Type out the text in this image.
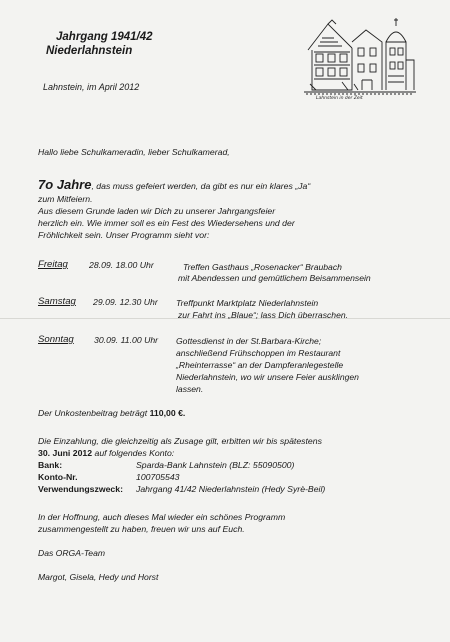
Jahrgang 1941/42
Niederlahnstein
Lahnstein, im April 2012
Lahnstein in der Zeit
Hallo liebe Schulkameradin, lieber Schulkamerad,
7o Jahre, das muss gefeiert werden, da gibt es nur ein klares „Ja“
zum Mitfeiern.
Aus diesem Grunde laden wir Dich zu unserer Jahrgangsfeier
herzlich ein. Wie immer soll es ein Fest des Wiedersehens und der
Fröhlichkeit sein. Unser Programm sieht vor:
Freitag 28.09. 18.00 Uhr	Treffen Gasthaus „Rosenacker“ Braubach
mit Abendessen und gemütlichem Beisammensein
Samstag 29.09. 12.30 Uhr Treffpunkt Marktplatz Niederlahnstein
zur Fahrt ins „Blaue“; lass Dich überraschen.
Sonntag 30.09. 11.00 Uhr Gottesdienst in der St.Barbara-Kirche;
anschließend Frühschoppen im Restaurant
„Rheinterrasse“ an der Dampferanlegestelle
Niederlahnstein, wo wir unsere Feier ausklingen
lassen.
Der Unkostenbeitrag beträgt 110,00 €.
Die Einzahlung, die gleichzeitig als Zusage gilt, erbitten wir bis spätestens
30. Juni 2012 auf folgendes Konto:
Bank:	Sparda-Bank Lahnstein (BLZ: 55090500)
Konto-Nr.	100705543
Verwendungszweck: Jahrgang 41/42 Niederlahnstein (Hedy Syrè-Beil)
In der Hoffnung, auch dieses Mal wieder ein schönes Programm
zusammengestellt zu haben, freuen wir uns auf Euch.
Das ORGA-Team
Margot, Gisela, Hedy und Horst
